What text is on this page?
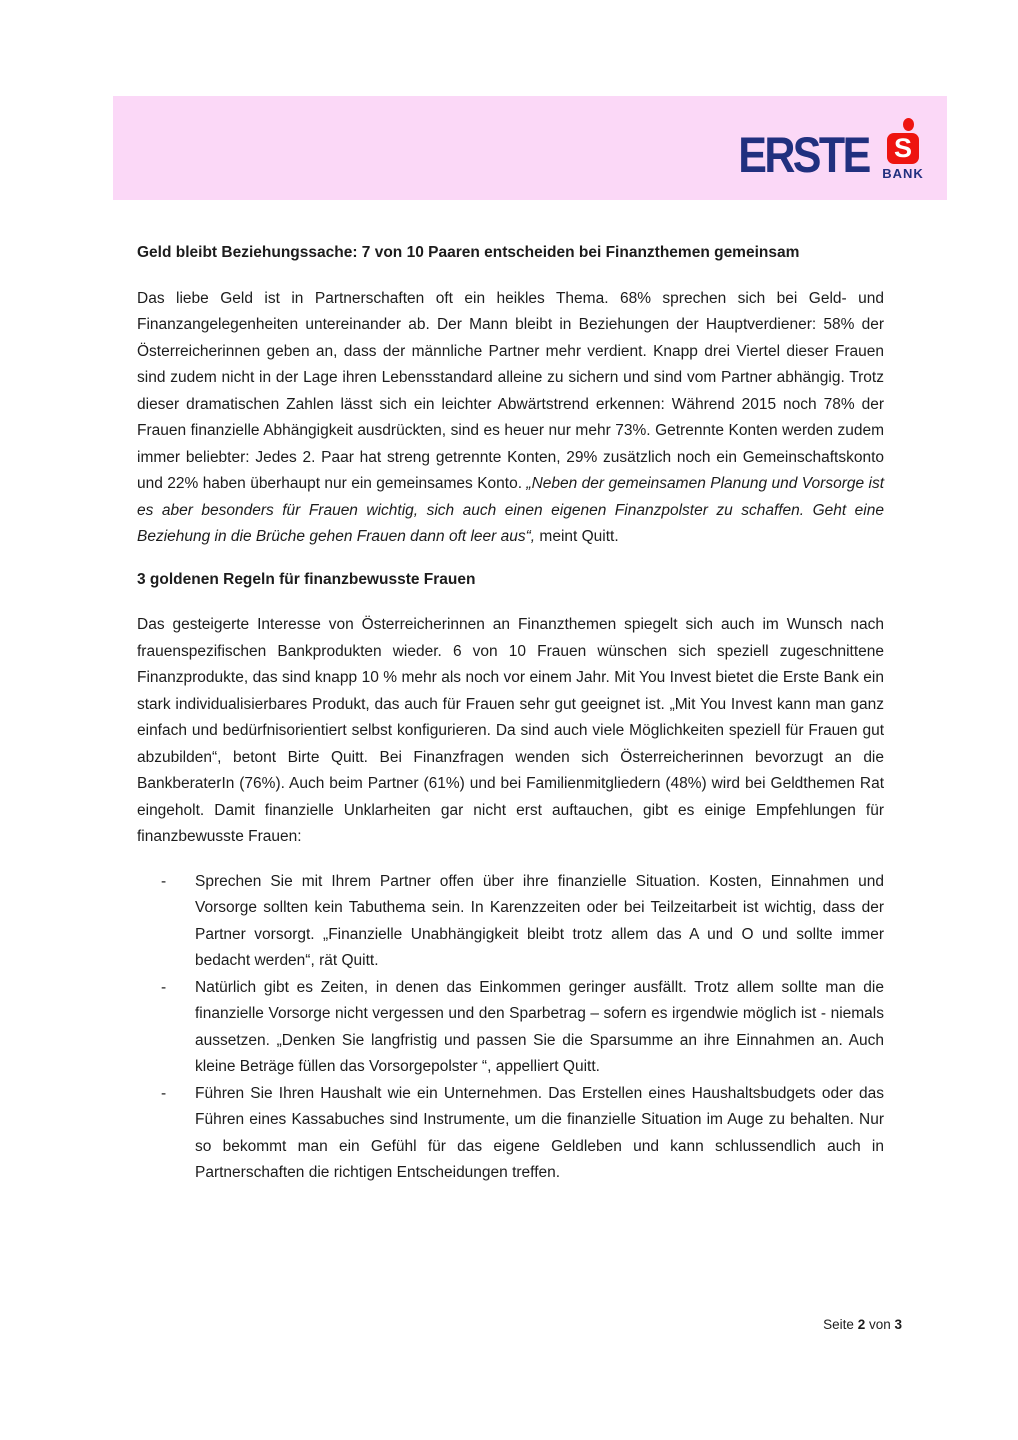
ERSTE S
BANK

Geld bleibt Beziehungssache: 7 von 10 Paaren entscheiden bei Finanzthemen gemeinsam

Das liebe Geld ist in Partnerschaften oft ein heikles Thema. 68% sprechen sich bei Geld- und Finanzangelegenheiten untereinander ab. Der Mann bleibt in Beziehungen der Hauptverdiener: 58% der Österreicherinnen geben an, dass der männliche Partner mehr verdient. Knapp drei Viertel dieser Frauen sind zudem nicht in der Lage ihren Lebensstandard alleine zu sichern und sind vom Partner abhängig. Trotz dieser dramatischen Zahlen lässt sich ein leichter Abwärtstrend erkennen: Während 2015 noch 78% der Frauen finanzielle Abhängigkeit ausdrückten, sind es heuer nur mehr 73%. Getrennte Konten werden zudem immer beliebter: Jedes 2. Paar hat streng getrennte Konten, 29% zusätzlich noch ein Gemeinschaftskonto und 22% haben überhaupt nur ein gemeinsames Konto. „Neben der gemeinsamen Planung und Vorsorge ist es aber besonders für Frauen wichtig, sich auch einen eigenen Finanzpolster zu schaffen. Geht eine Beziehung in die Brüche gehen Frauen dann oft leer aus“, meint Quitt.

3 goldenen Regeln für finanzbewusste Frauen

Das gesteigerte Interesse von Österreicherinnen an Finanzthemen spiegelt sich auch im Wunsch nach frauenspezifischen Bankprodukten wieder. 6 von 10 Frauen wünschen sich speziell zugeschnittene Finanzprodukte, das sind knapp 10 % mehr als noch vor einem Jahr. Mit You Invest bietet die Erste Bank ein stark individualisierbares Produkt, das auch für Frauen sehr gut geeignet ist. „Mit You Invest kann man ganz einfach und bedürfnisorientiert selbst konfigurieren. Da sind auch viele Möglichkeiten speziell für Frauen gut abzubilden“, betont Birte Quitt. Bei Finanzfragen wenden sich Österreicherinnen bevorzugt an die BankberaterIn (76%). Auch beim Partner (61%) und bei Familienmitgliedern (48%) wird bei Geldthemen Rat eingeholt. Damit finanzielle Unklarheiten gar nicht erst auftauchen, gibt es einige Empfehlungen für finanzbewusste Frauen:

- Sprechen Sie mit Ihrem Partner offen über ihre finanzielle Situation. Kosten, Einnahmen und Vorsorge sollten kein Tabuthema sein. In Karenzzeiten oder bei Teilzeitarbeit ist wichtig, dass der Partner vorsorgt. „Finanzielle Unabhängigkeit bleibt trotz allem das A und O und sollte immer bedacht werden“, rät Quitt.
- Natürlich gibt es Zeiten, in denen das Einkommen geringer ausfällt. Trotz allem sollte man die finanzielle Vorsorge nicht vergessen und den Sparbetrag – sofern es irgendwie möglich ist - niemals aussetzen. „Denken Sie langfristig und passen Sie die Sparsumme an ihre Einnahmen an. Auch kleine Beträge füllen das Vorsorgepolster “, appelliert Quitt.
- Führen Sie Ihren Haushalt wie ein Unternehmen. Das Erstellen eines Haushaltsbudgets oder das Führen eines Kassabuches sind Instrumente, um die finanzielle Situation im Auge zu behalten. Nur so bekommt man ein Gefühl für das eigene Geldleben und kann schlussendlich auch in Partnerschaften die richtigen Entscheidungen treffen.
Seite 2 von 3
